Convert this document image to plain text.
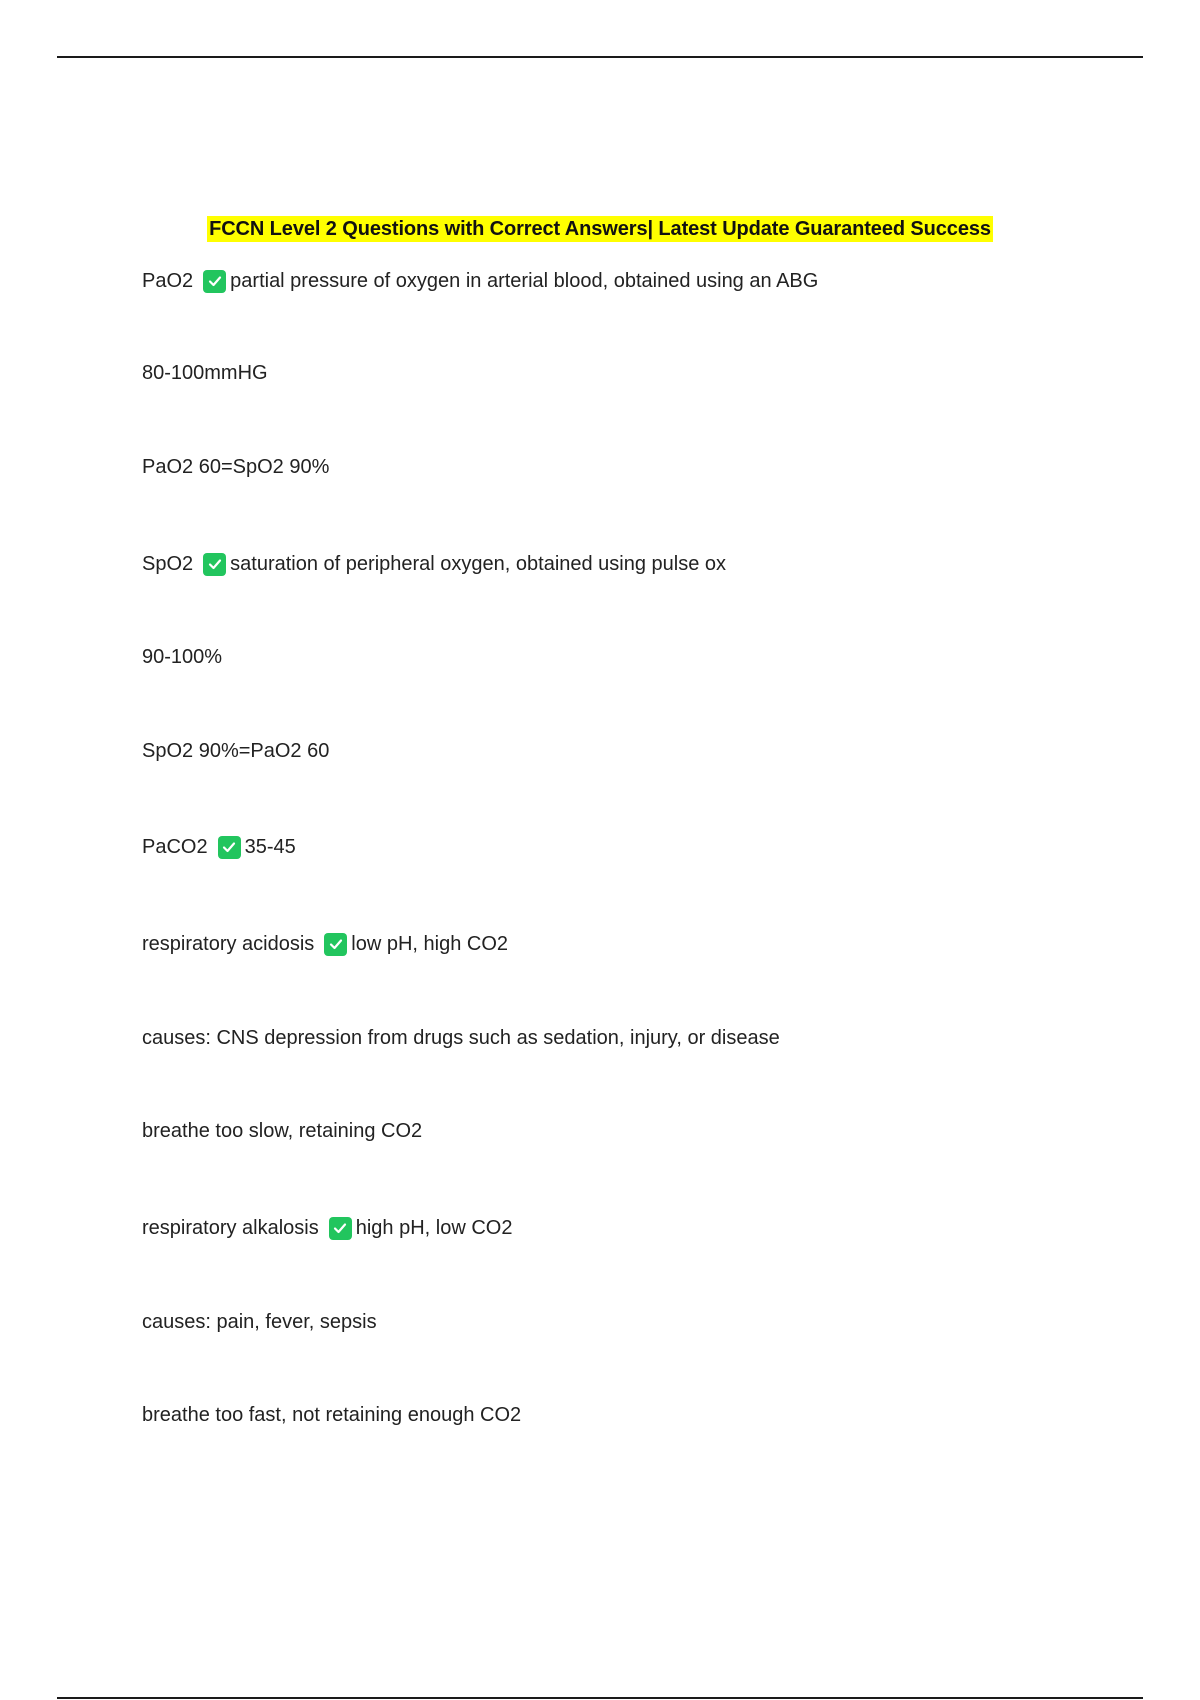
FCCN Level 2 Questions with Correct Answers| Latest Update Guaranteed Success
PaO2 partial pressure of oxygen in arterial blood, obtained using an ABG
80-100mmHG
PaO2 60=SpO2 90%
SpO2 saturation of peripheral oxygen, obtained using pulse ox
90-100%
SpO2 90%=PaO2 60
PaCO2 35-45
respiratory acidosis low pH, high CO2
causes: CNS depression from drugs such as sedation, injury, or disease
breathe too slow, retaining CO2
respiratory alkalosis high pH, low CO2
causes: pain, fever, sepsis
breathe too fast, not retaining enough CO2
